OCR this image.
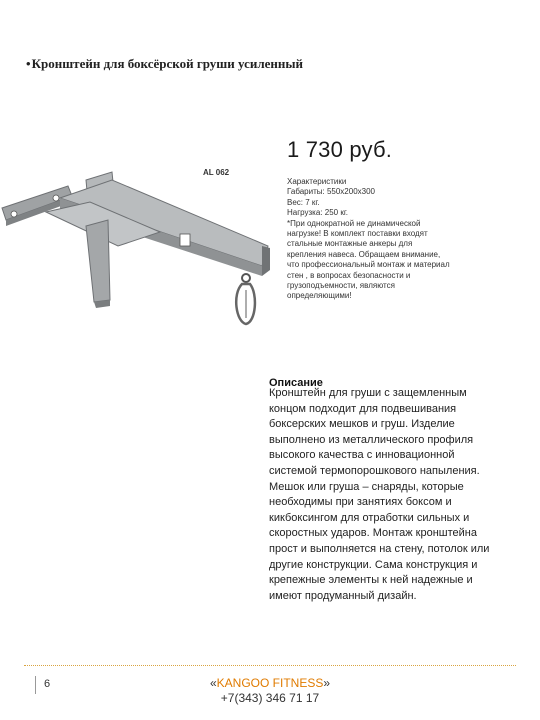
•Кронштейн для боксёрской груши усиленный
AL 062
1 730 руб.
Характеристики
Габариты: 550х200х300
Вес: 7 кг.
Нагрузка: 250 кг.
*При однократной не динамической
нагрузке! В комплект поставки входят
стальные монтажные анкеры для
крепления навеса. Обращаем внимание,
что профессиональный монтаж и материал
стен , в вопросах безопасности и
грузоподъемности, являются
определяющими!
Описание
Кронштейн для груши с защемленным
концом подходит для подвешивания
боксерских мешков и груш. Изделие
выполнено из металлического профиля
высокого качества с инновационной
системой термопорошкового напыления.
Мешок или груша – снаряды, которые
необходимы при занятиях боксом и
кикбоксингом для отработки сильных и
скоростных ударов. Монтаж кронштейна
прост и выполняется на стену, потолок или
другие конструкции. Сама конструкция и
крепежные элементы к ней надежные и
имеют продуманный дизайн.
6	«KANGOO FITNESS»
+7(343) 346 71 17
